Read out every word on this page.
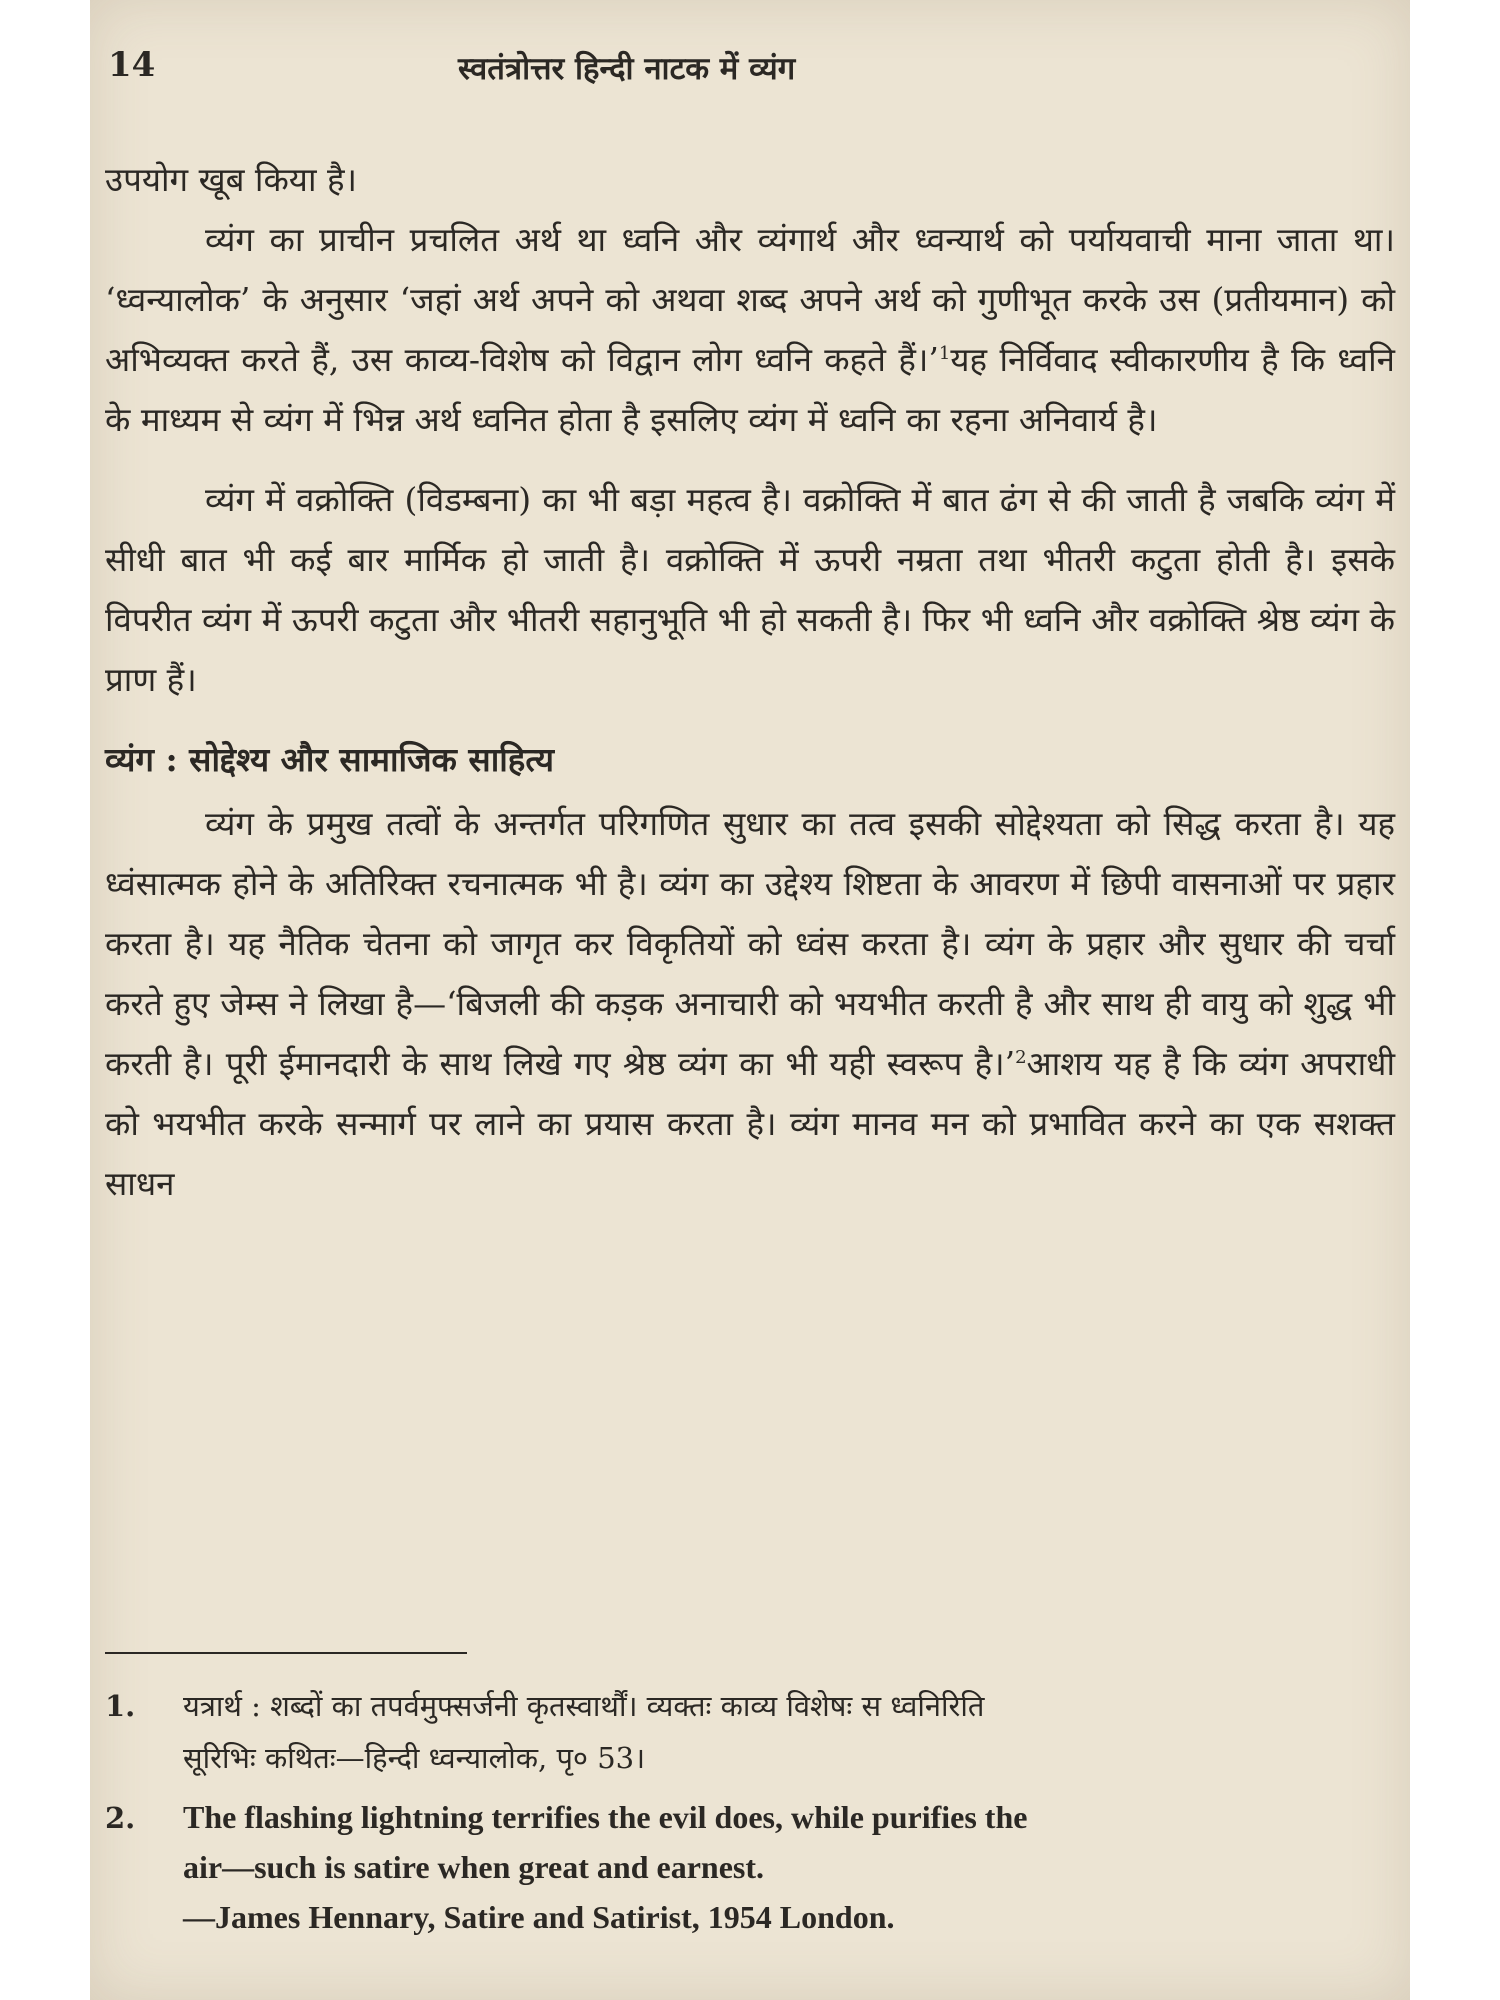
14	स्वतंत्रोत्तर हिन्दी नाटक में व्यंग

उपयोग खूब किया है।

व्यंग का प्राचीन प्रचलित अर्थ था ध्वनि और व्यंगार्थ और ध्वन्यार्थ को पर्यायवाची माना जाता था। ‘ध्वन्यालोक’ के अनुसार ‘जहां अर्थ अपने को अथवा शब्द अपने अर्थ को गुणीभूत करके उस (प्रतीयमान) को अभिव्यक्त करते हैं, उस काव्य-विशेष को विद्वान लोग ध्वनि कहते हैं।’$^1$यह निर्विवाद स्वीकारणीय है कि ध्वनि के माध्यम से व्यंग में भिन्न अर्थ ध्वनित होता है इसलिए व्यंग में ध्वनि का रहना अनिवार्य है।

व्यंग में वक्रोक्ति (विडम्बना) का भी बड़ा महत्व है। वक्रोक्ति में बात ढंग से की जाती है जबकि व्यंग में सीधी बात भी कई बार मार्मिक हो जाती है। वक्रोक्ति में ऊपरी नम्रता तथा भीतरी कटुता होती है। इसके विपरीत व्यंग में ऊपरी कटुता और भीतरी सहानुभूति भी हो सकती है। फिर भी ध्वनि और वक्रोक्ति श्रेष्ठ व्यंग के प्राण हैं।

व्यंग : सोद्देश्य और सामाजिक साहित्य

व्यंग के प्रमुख तत्वों के अन्तर्गत परिगणित सुधार का तत्व इसकी सोद्देश्यता को सिद्ध करता है। यह ध्वंसात्मक होने के अतिरिक्त रचनात्मक भी है। व्यंग का उद्देश्य शिष्टता के आवरण में छिपी वासनाओं पर प्रहार करता है। यह नैतिक चेतना को जागृत कर विकृतियों को ध्वंस करता है। व्यंग के प्रहार और सुधार की चर्चा करते हुए जेम्स ने लिखा है—‘बिजली की कड़क अनाचारी को भयभीत करती है और साथ ही वायु को शुद्ध भी करती है। पूरी ईमानदारी के साथ लिखे गए श्रेष्ठ व्यंग का भी यही स्वरूप है।’$^2$आशय यह है कि व्यंग अपराधी को भयभीत करके सन्मार्ग पर लाने का प्रयास करता है। व्यंग मानव मन को प्रभावित करने का एक सशक्त साधन

1.	यत्रार्थ : शब्दों का तपर्वमुफ्सर्जनी कृतस्वार्थौं। व्यक्तः काव्य विशेषः स ध्वनिरिति
सूरिभिः कथितः—हिन्दी ध्वन्यालोक, पृ० 53।
2.	The flashing lightning terrifies the evil does, while purifies the
air—such is satire when great and earnest.
—James Hennary, Satire and Satirist, 1954 London.
